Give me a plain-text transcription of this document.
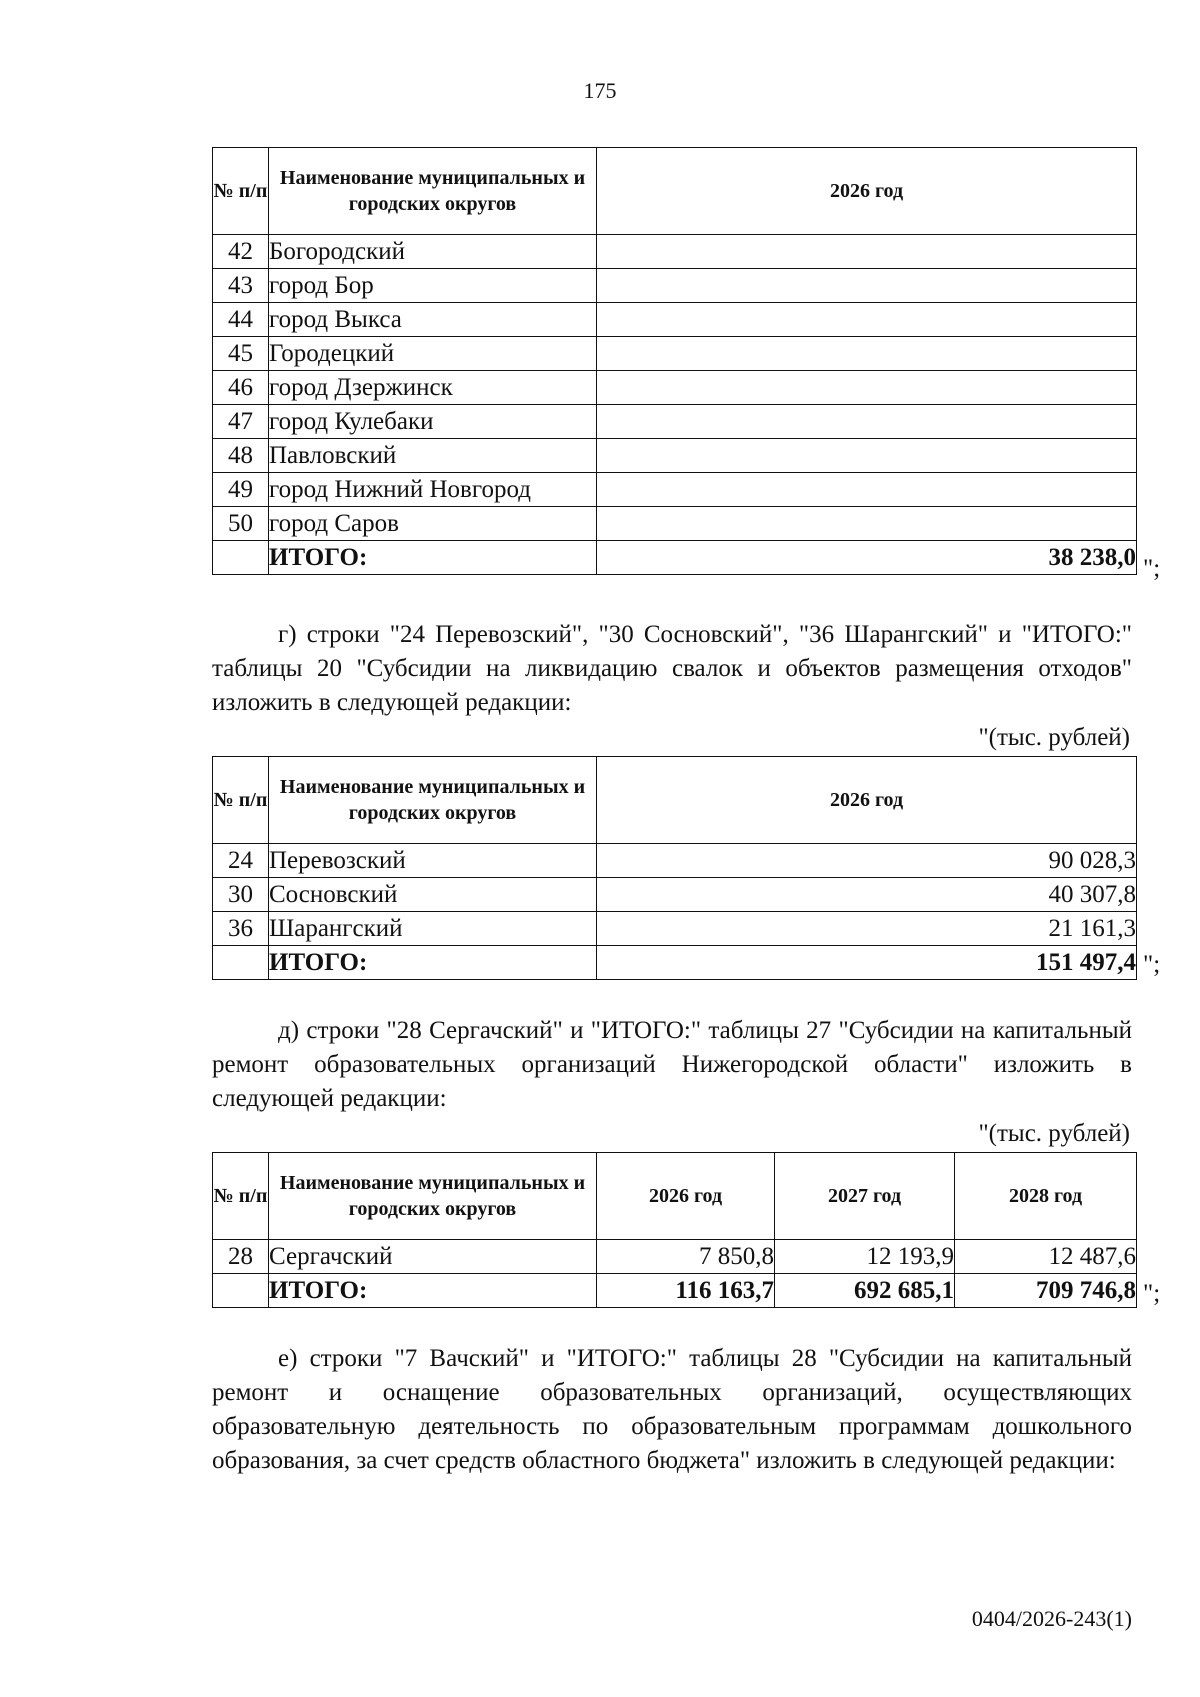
175
№ п/п	Наименование муниципальных и городских округов	2026 год
42	Богородский	
43	город Бор	
44	город Выкса	
45	Городецкий	
46	город Дзержинск	
47	город Кулебаки	
48	Павловский	
49	город Нижний Новгород	
50	город Саров	
	ИТОГО:	38 238,0 ";

г) строки "24 Перевозский", "30 Сосновский", "36 Шарангский" и "ИТОГО:" таблицы 20 "Субсидии на ликвидацию свалок и объектов размещения отходов" изложить в следующей редакции:

"(тыс. рублей)
№ п/п	Наименование муниципальных и городских округов	2026 год
24	Перевозский	90 028,3
30	Сосновский	40 307,8
36	Шарангский	21 161,3
	ИТОГО:	151 497,4 ";

д) строки "28 Сергачский" и "ИТОГО:" таблицы 27 "Субсидии на капитальный ремонт образовательных организаций Нижегородской области" изложить в следующей редакции:

"(тыс. рублей)
№ п/п	Наименование муниципальных и городских округов	2026 год	2027 год	2028 год
28	Сергачский	7 850,8	12 193,9	12 487,6
	ИТОГО:	116 163,7	692 685,1	709 746,8 ";

е) строки "7 Вачский" и "ИТОГО:" таблицы 28 "Субсидии на капитальный ремонт и оснащение образовательных организаций, осуществляющих образовательную деятельность по образовательным программам дошкольного образования, за счет средств областного бюджета" изложить в следующей редакции:

0404/2026-243(1)
